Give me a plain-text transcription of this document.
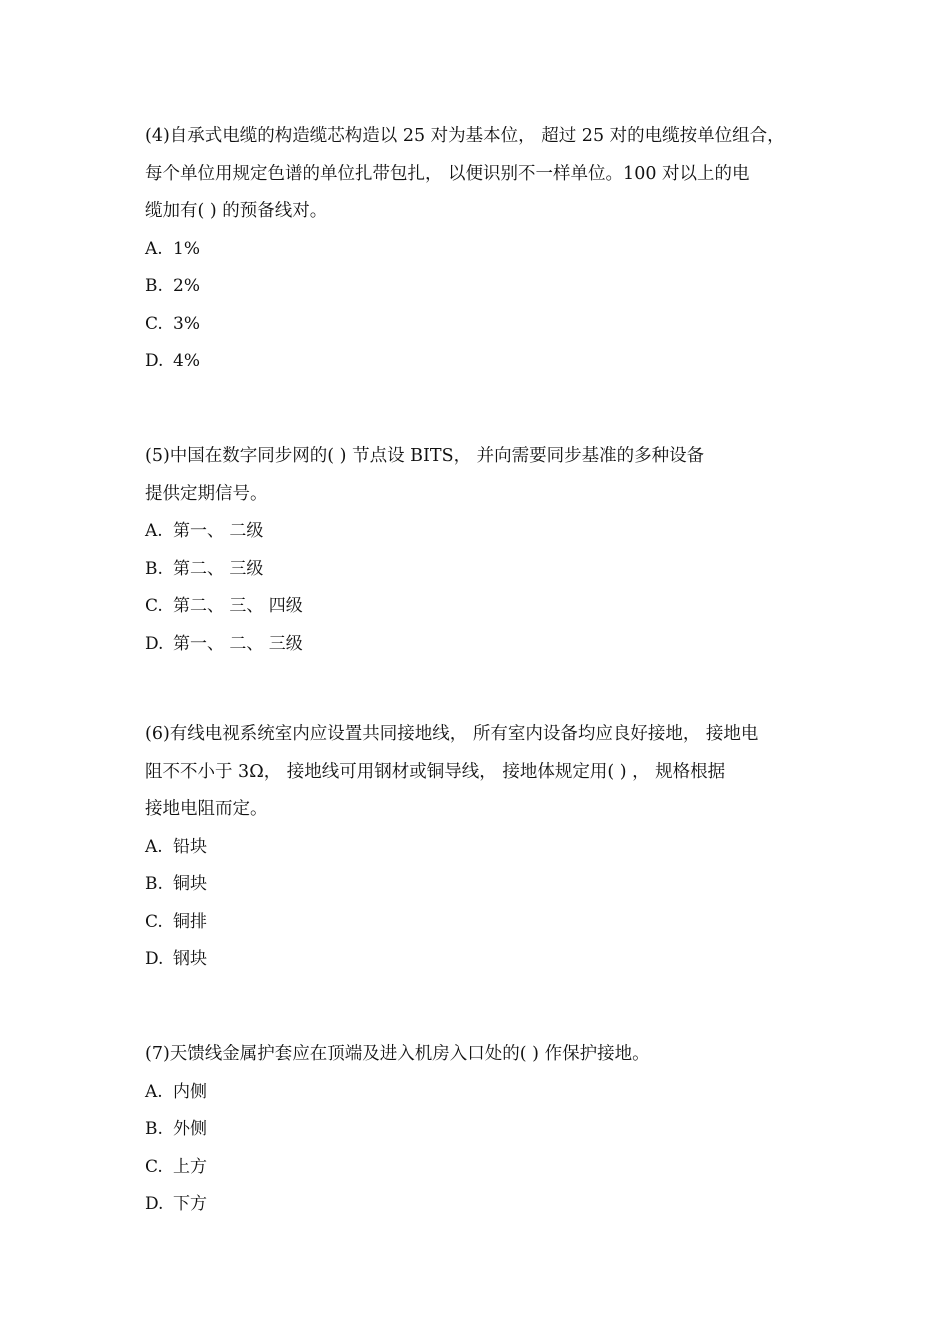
(4)自承式电缆的构造缆芯构造以 25 对为基本位， 超过 25 对的电缆按单位组合，
每个单位用规定色谱的单位扎带包扎， 以便识别不一样单位。100 对以上的电
缆加有( ) 的预备线对。

A. 1%
B. 2%
C. 3%
D. 4%

(5)中国在数字同步网的( ) 节点设 BITS， 并向需要同步基准的多种设备
提供定期信号。

A. 第一、 二级
B. 第二、 三级
C. 第二、 三、 四级
D. 第一、 二、 三级

(6)有线电视系统室内应设置共同接地线， 所有室内设备均应良好接地， 接地电
阻不不小于 3Ω， 接地线可用钢材或铜导线， 接地体规定用( ) ， 规格根据
接地电阻而定。

A. 铅块
B. 铜块
C. 铜排
D. 钢块

(7)天馈线金属护套应在顶端及进入机房入口处的( ) 作保护接地。

A. 内侧
B. 外侧
C. 上方
D. 下方
